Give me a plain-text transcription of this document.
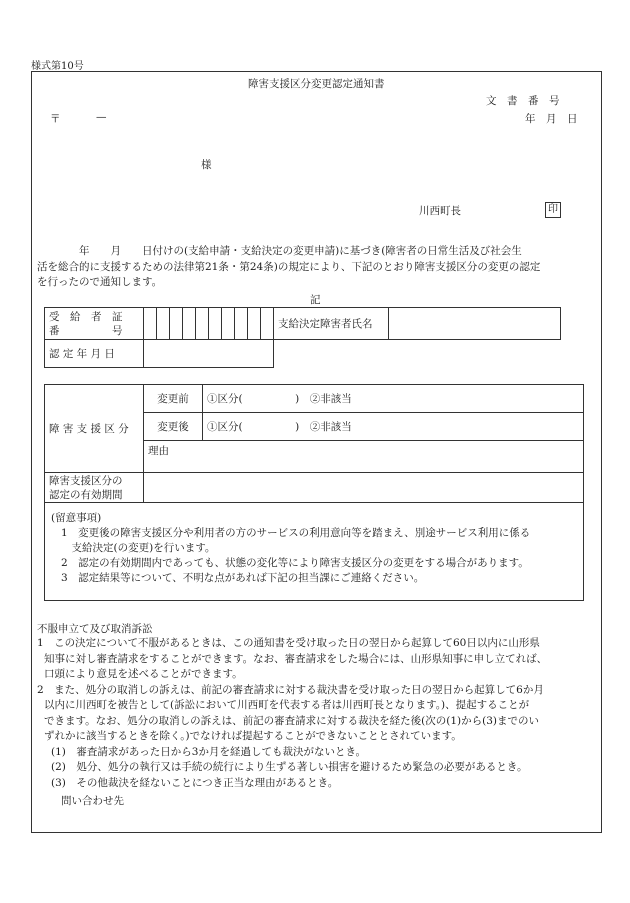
様式第10号
障害支援区分変更認定通知書
文　書　番　号
〒	—	年　月　日
様
川西町長	印
　　　　年　　月　　日付けの(支給申請・支給決定の変更申請)に基づき(障害者の日常生活及び社会生
活を総合的に支援するための法律第21条・第24条)の規定により、下記のとおり障害支援区分の変更の認定
を行ったので通知します。
記
受　給　者　証
番　　　　　号											支給決定障害者氏名	
認 定 年 月 日												
障 害 支 援 区 分	変更前	①区分(　　　　　)　②非該当
	変更後	①区分(　　　　　)　②非該当
	理由	

障害支援区分の
認定の有効期間		

(留意事項)
1　変更後の障害支援区分や利用者の方のサービスの利用意向等を踏まえ、別途サービス利用に係る
　支給決定(の変更)を行います。
2　認定の有効期間内であっても、状態の変化等により障害支援区分の変更をする場合があります。
3　認定結果等について、不明な点があれば下記の担当課にご連絡ください。		
不服申立て及び取消訴訟
1　この決定について不服があるときは、この通知書を受け取った日の翌日から起算して60日以内に山形県
知事に対し審査請求をすることができます。なお、審査請求をした場合には、山形県知事に申し立てれば、
口頭により意見を述べることができます。
2　また、処分の取消しの訴えは、前記の審査請求に対する裁決書を受け取った日の翌日から起算して6か月
以内に川西町を被告として(訴訟において川西町を代表する者は川西町長となります。)、提起することが
できます。なお、処分の取消しの訴えは、前記の審査請求に対する裁決を経た後(次の(1)から(3)までのい
ずれかに該当するときを除く。)でなければ提起することができないこととされています。
(1)　審査請求があった日から3か月を経過しても裁決がないとき。
(2)　処分、処分の執行又は手続の続行により生ずる著しい損害を避けるため緊急の必要があるとき。
(3)　その他裁決を経ないことにつき正当な理由があるとき。
問い合わせ先
